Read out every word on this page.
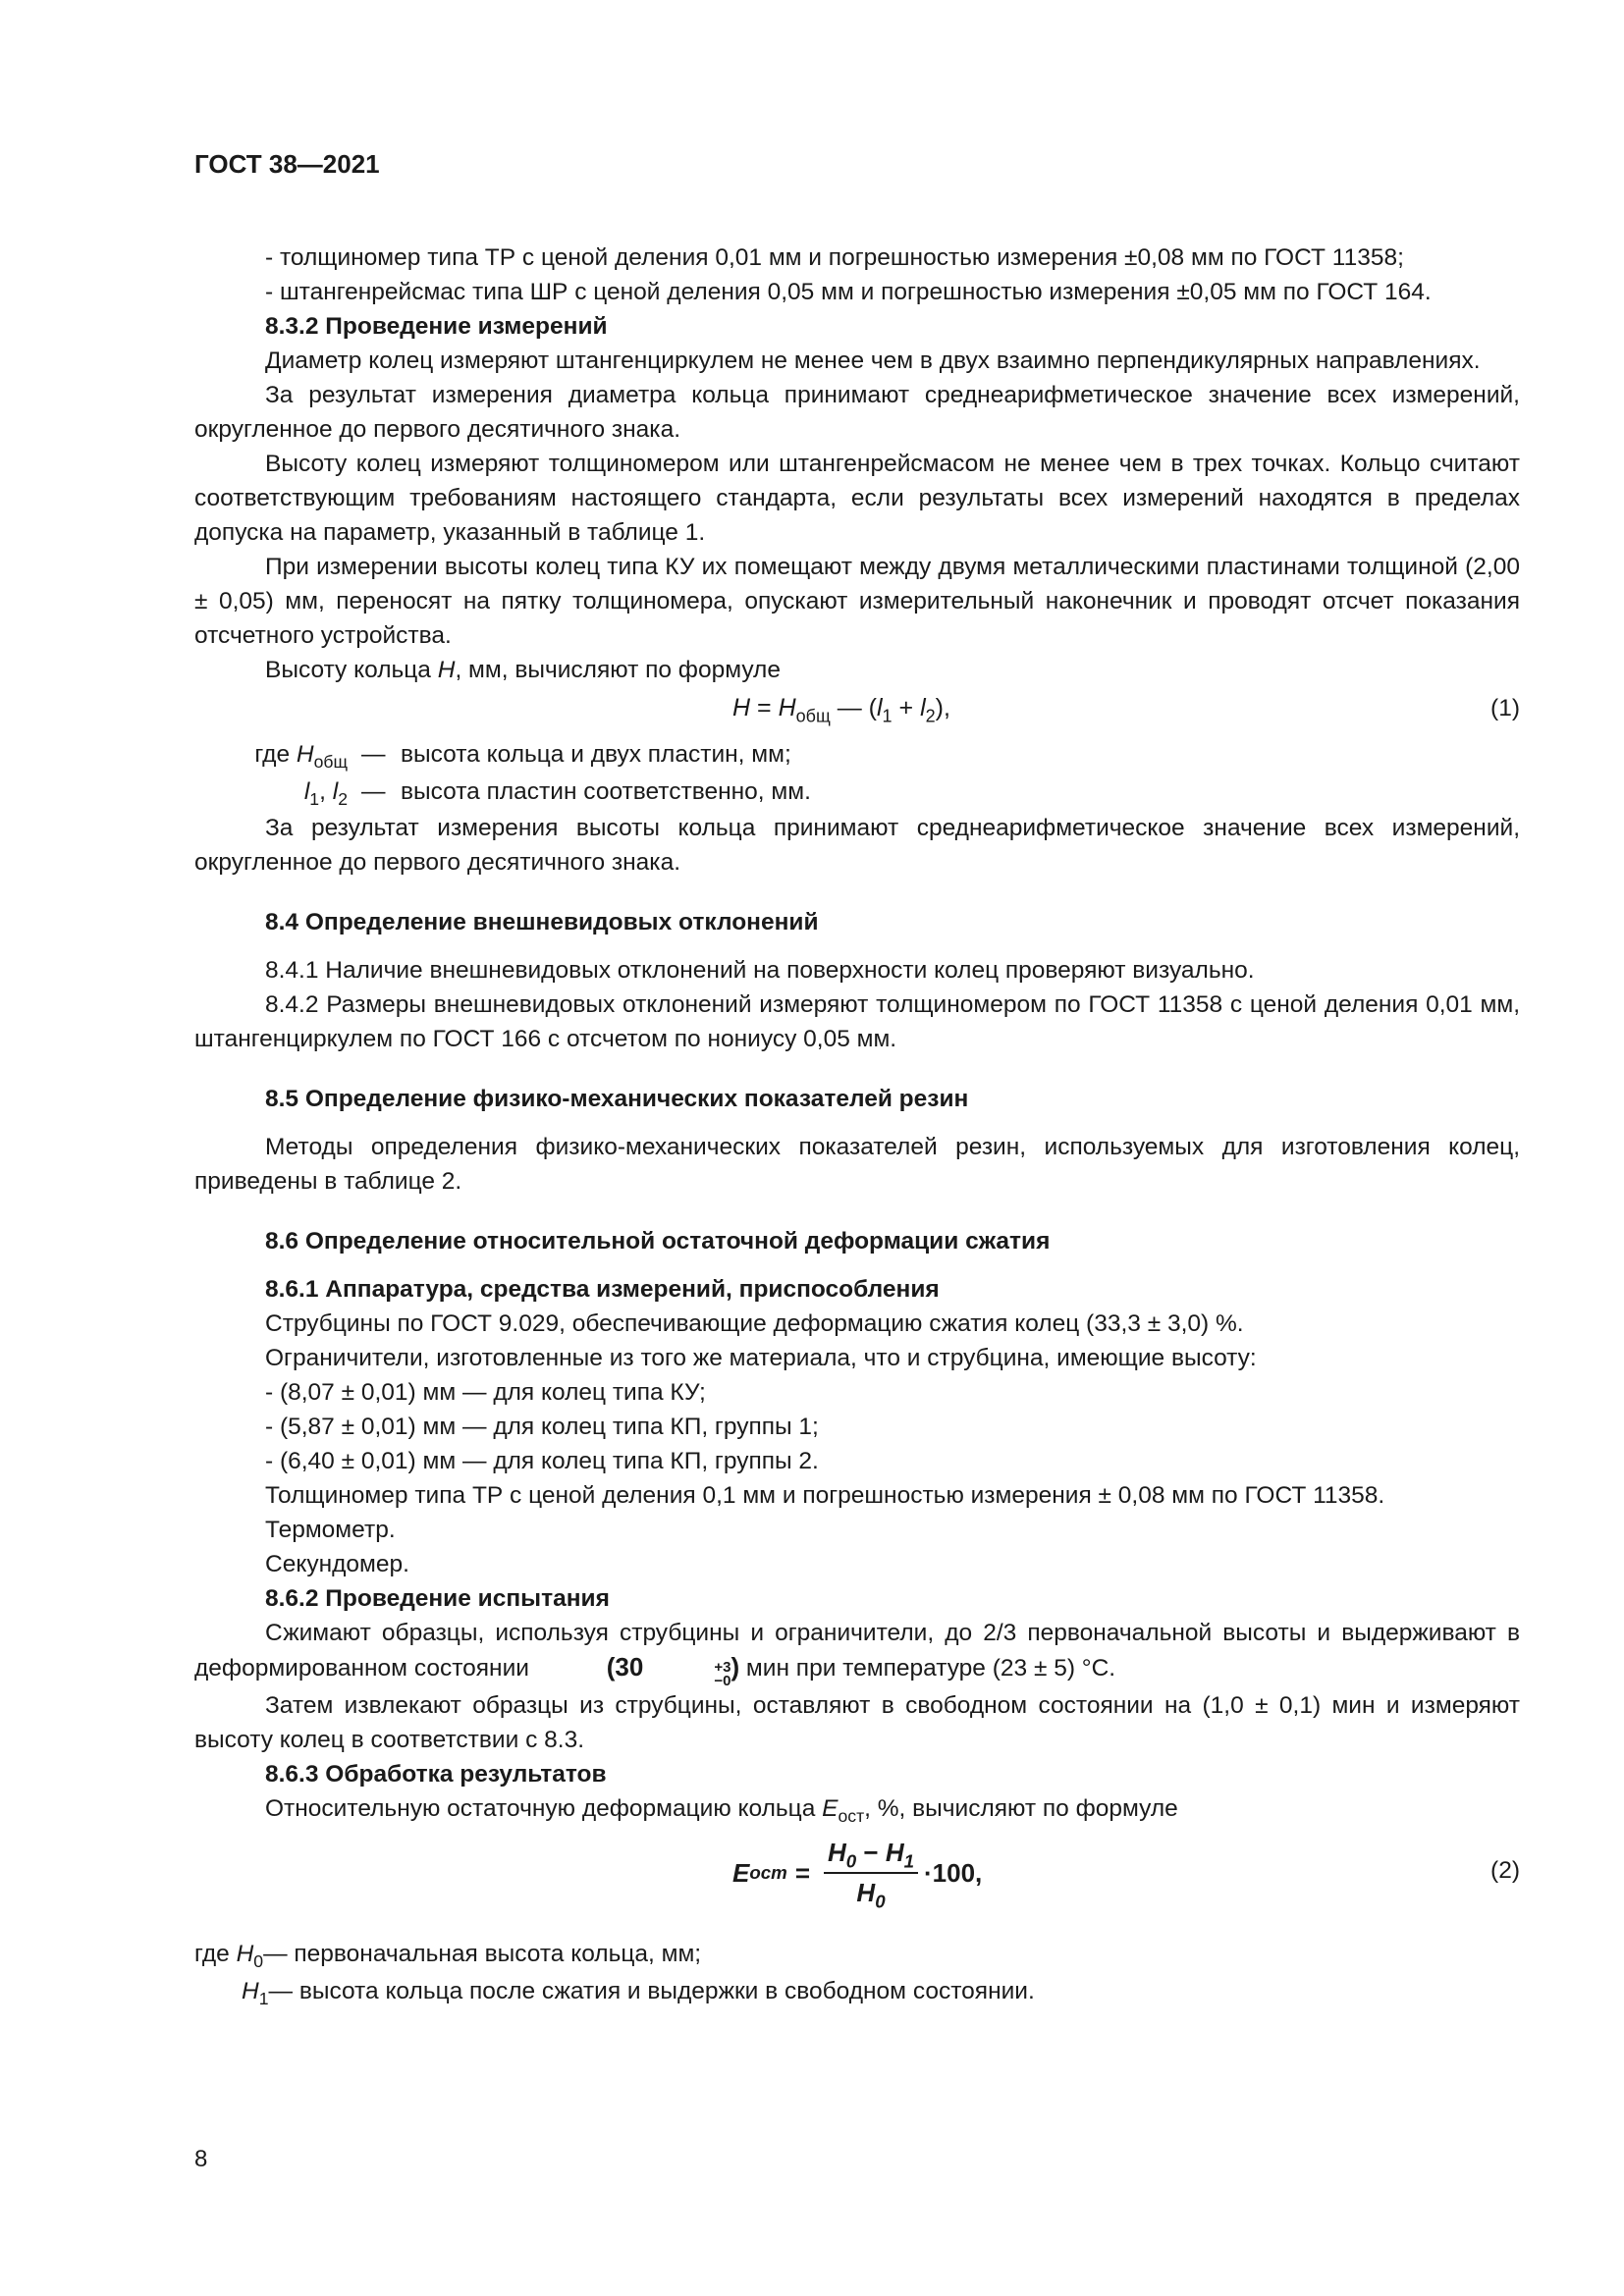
ГОСТ 38—2021

- толщиномер типа ТР с ценой деления 0,01 мм и погрешностью измерения ±0,08 мм по ГОСТ 11358;

- штангенрейсмас типа ШР с ценой деления 0,05 мм и погрешностью измерения ±0,05 мм по ГОСТ 164.

8.3.2 Проведение измерений

Диаметр колец измеряют штангенциркулем не менее чем в двух взаимно перпендикулярных направлениях.

За результат измерения диаметра кольца принимают среднеарифметическое значение всех измерений, округленное до первого десятичного знака.

Высоту колец измеряют толщиномером или штангенрейсмасом не менее чем в трех точках. Кольцо считают соответствующим требованиям настоящего стандарта, если результаты всех измерений находятся в пределах допуска на параметр, указанный в таблице 1.

При измерении высоты колец типа КУ их помещают между двумя металлическими пластинами толщиной (2,00 ± 0,05) мм, переносят на пятку толщиномера, опускают измерительный наконечник и проводят отсчет показания отсчетного устройства.

Высоту кольца H, мм, вычисляют по формуле

$H = H_{общ}$ — $(l_1 + l_2)$,	(1)
где $H_{общ}$ — высота кольца и двух пластин, мм;
$l_1$, $l_2$ — высота пластин соответственно, мм.

За результат измерения высоты кольца принимают среднеарифметическое значение всех измерений, округленное до первого десятичного знака.

8.4 Определение внешневидовых отклонений

8.4.1 Наличие внешневидовых отклонений на поверхности колец проверяют визуально.

8.4.2 Размеры внешневидовых отклонений измеряют толщиномером по ГОСТ 11358 с ценой деления 0,01 мм, штангенциркулем по ГОСТ 166 с отсчетом по нониусу 0,05 мм.

8.5 Определение физико-механических показателей резин

Методы определения физико-механических показателей резин, используемых для изготовления колец, приведены в таблице 2.

8.6 Определение относительной остаточной деформации сжатия

8.6.1 Аппаратура, средства измерений, приспособления

Струбцины по ГОСТ 9.029, обеспечивающие деформацию сжатия колец (33,3 ± 3,0) %.

Ограничители, изготовленные из того же материала, что и струбцина, имеющие высоту:

- (8,07 ± 0,01) мм — для колец типа КУ;

- (5,87 ± 0,01) мм — для колец типа КП, группы 1;

- (6,40 ± 0,01) мм — для колец типа КП, группы 2.

Толщиномер типа ТР с ценой деления 0,1 мм и погрешностью измерения ± 0,08 мм по ГОСТ 11358.

Термометр.

Секундомер.

8.6.2 Проведение испытания

Сжимают образцы, используя струбцины и ограничители, до 2/3 первоначальной высоты и выдерживают в деформированном состоянии	(30	+3
−0 ) мин при температуре (23 ± 5) °С.

Затем извлекают образцы из струбцины, оставляют в свободном состоянии на (1,0 ± 0,1) мин и измеряют высоту колец в соответствии с 8.3.

8.6.3 Обработка результатов

Относительную остаточную деформацию кольца $E_{ост}$, %, вычисляют по формуле

E ост = $\frac{H_0 - H_1}{H_0} \cdot 100$,	(2)

где $H_0—$ первоначальная высота кольца, мм;

$H_1—$ высота кольца после сжатия и выдержки в свободном состоянии.

8
